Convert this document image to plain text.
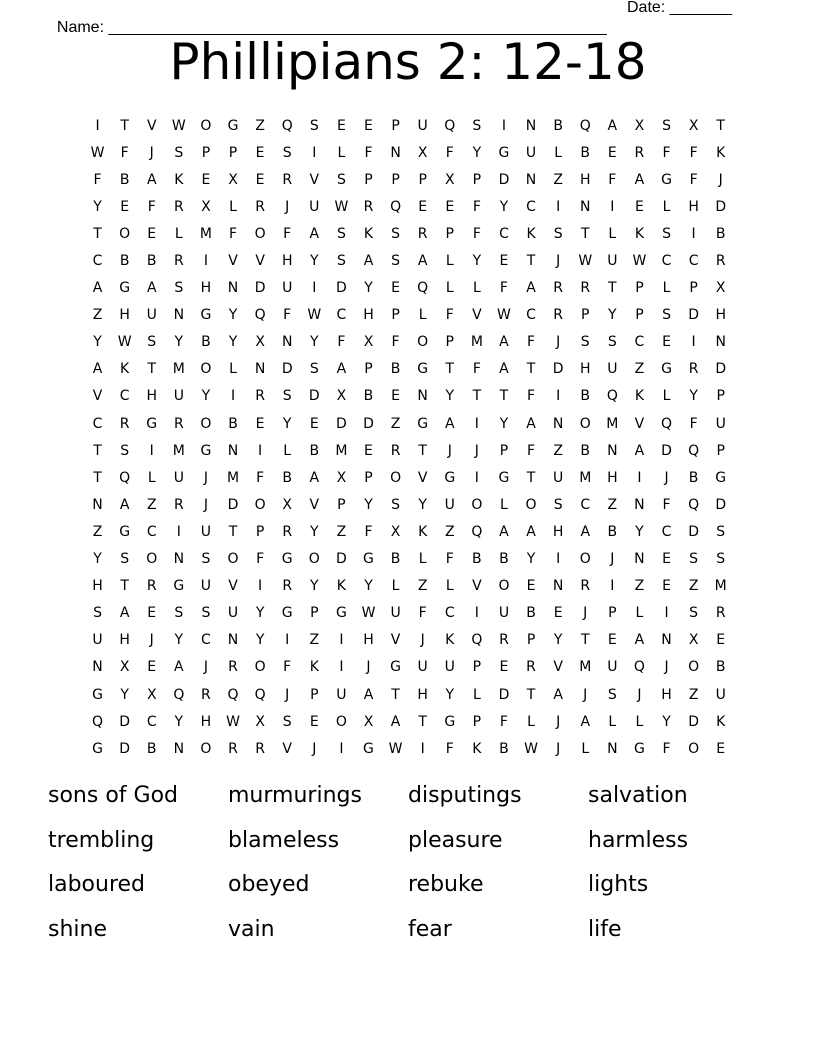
Name: ________________________________________________________

Date: _______

Phillipians 2: 12-18
I	T	V	W	O	G	Z	Q	S	E	E	P	U	Q	S	I	N	B	Q	A	X	S	X	T
W	F	J	S	P	P	E	S	I	L	F	N	X	F	Y	G	U	L	B	E	R	F	F	K
F	B	A	K	E	X	E	R	V	S	P	P	P	X	P	D	N	Z	H	F	A	G	F	J
Y	E	F	R	X	L	R	J	U	W	R	Q	E	E	F	Y	C	I	N	I	E	L	H	D
T	O	E	L	M	F	O	F	A	S	K	S	R	P	F	C	K	S	T	L	K	S	I	B
C	B	B	R	I	V	V	H	Y	S	A	S	A	L	Y	E	T	J	W	U	W	C	C	R
A	G	A	S	H	N	D	U	I	D	Y	E	Q	L	L	F	A	R	R	T	P	L	P	X
Z	H	U	N	G	Y	Q	F	W	C	H	P	L	F	V	W	C	R	P	Y	P	S	D	H
Y	W	S	Y	B	Y	X	N	Y	F	X	F	O	P	M	A	F	J	S	S	C	E	I	N
A	K	T	M	O	L	N	D	S	A	P	B	G	T	F	A	T	D	H	U	Z	G	R	D
V	C	H	U	Y	I	R	S	D	X	B	E	N	Y	T	T	F	I	B	Q	K	L	Y	P
C	R	G	R	O	B	E	Y	E	D	D	Z	G	A	I	Y	A	N	O	M	V	Q	F	U
T	S	I	M	G	N	I	L	B	M	E	R	T	J	J	P	F	Z	B	N	A	D	Q	P
T	Q	L	U	J	M	F	B	A	X	P	O	V	G	I	G	T	U	M	H	I	J	B	G
N	A	Z	R	J	D	O	X	V	P	Y	S	Y	U	O	L	O	S	C	Z	N	F	Q	D
Z	G	C	I	U	T	P	R	Y	Z	F	X	K	Z	Q	A	A	H	A	B	Y	C	D	S
Y	S	O	N	S	O	F	G	O	D	G	B	L	F	B	B	Y	I	O	J	N	E	S	S
H	T	R	G	U	V	I	R	Y	K	Y	L	Z	L	V	O	E	N	R	I	Z	E	Z	M
S	A	E	S	S	U	Y	G	P	G	W	U	F	C	I	U	B	E	J	P	L	I	S	R
U	H	J	Y	C	N	Y	I	Z	I	H	V	J	K	Q	R	P	Y	T	E	A	N	X	E
N	X	E	A	J	R	O	F	K	I	J	G	U	U	P	E	R	V	M	U	Q	J	O	B
G	Y	X	Q	R	Q	Q	J	P	U	A	T	H	Y	L	D	T	A	J	S	J	H	Z	U
Q	D	C	Y	H	W	X	S	E	O	X	A	T	G	P	F	L	J	A	L	L	Y	D	K
G	D	B	N	O	R	R	V	J	I	G	W	I	F	K	B	W	J	L	N	G	F	O	E
sons of God	murmurings	disputings	salvation
trembling	blameless	pleasure	harmless
laboured	obeyed	rebuke	lights
shine	vain	fear	life
